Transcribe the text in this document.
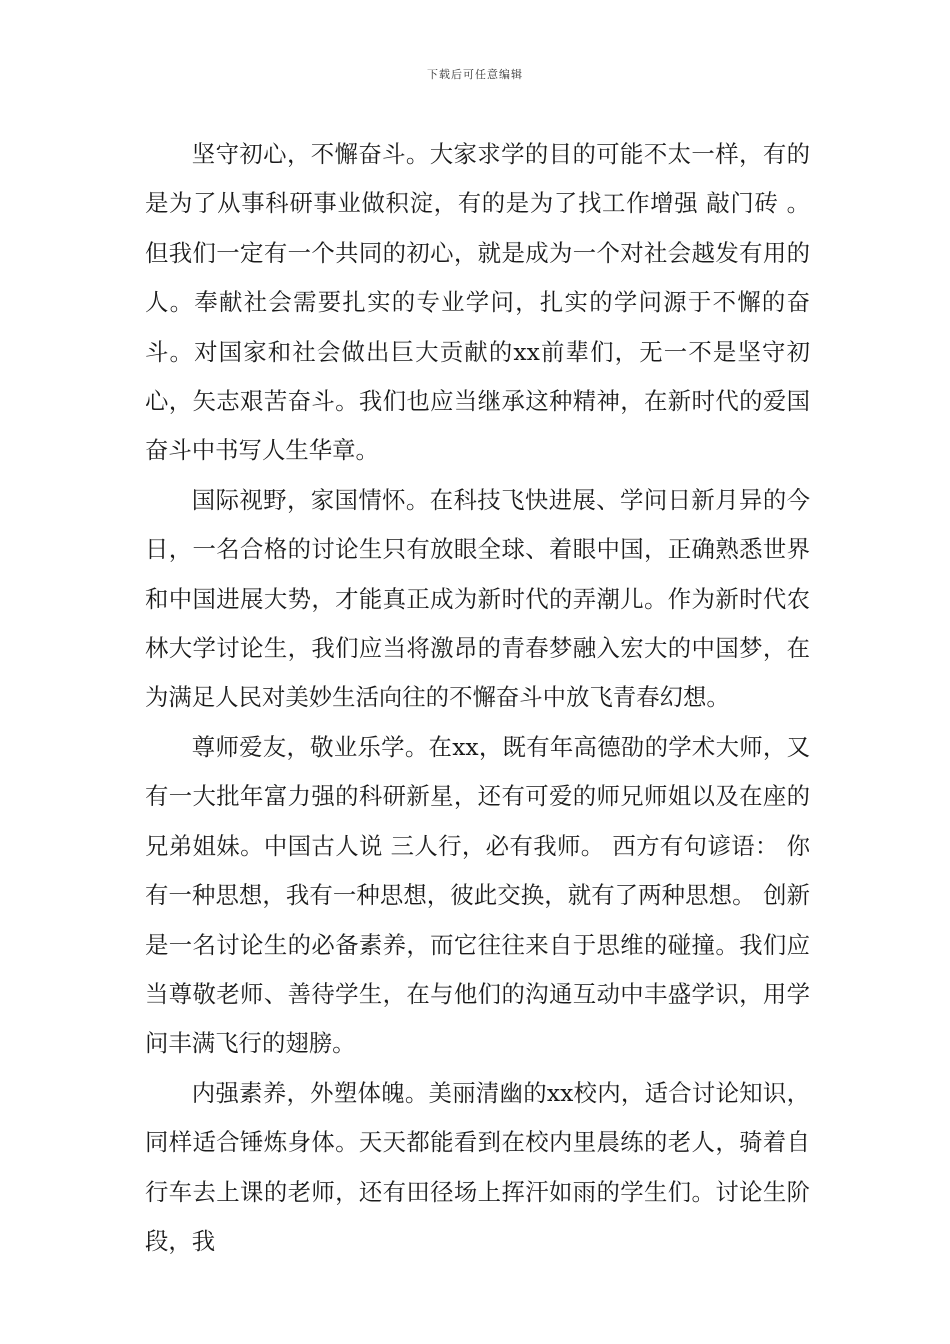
下载后可任意编辑

坚守初心，不懈奋斗。大家求学的目的可能不太一样，有的是为了从事科研事业做积淀，有的是为了找工作增强 敲门砖 。但我们一定有一个共同的初心，就是成为一个对社会越发有用的人。奉献社会需要扎实的专业学问，扎实的学问源于不懈的奋斗。对国家和社会做出巨大贡献的xx前辈们，无一不是坚守初心，矢志艰苦奋斗。我们也应当继承这种精神，在新时代的爱国奋斗中书写人生华章。

国际视野，家国情怀。在科技飞快进展、学问日新月异的今日，一名合格的讨论生只有放眼全球、着眼中国，正确熟悉世界和中国进展大势，才能真正成为新时代的弄潮儿。作为新时代农林大学讨论生，我们应当将激昂的青春梦融入宏大的中国梦，在为满足人民对美妙生活向往的不懈奋斗中放飞青春幻想。

尊师爱友，敬业乐学。在xx，既有年高德劭的学术大师，又有一大批年富力强的科研新星，还有可爱的师兄师姐以及在座的兄弟姐妹。中国古人说 三人行，必有我师。 西方有句谚语： 你有一种思想，我有一种思想，彼此交换，就有了两种思想。 创新是一名讨论生的必备素养，而它往往来自于思维的碰撞。我们应当尊敬老师、善待学生，在与他们的沟通互动中丰盛学识，用学问丰满飞行的翅膀。

内强素养，外塑体魄。美丽清幽的xx校内，适合讨论知识，同样适合锤炼身体。天天都能看到在校内里晨练的老人，骑着自行车去上课的老师，还有田径场上挥汗如雨的学生们。讨论生阶段，我
